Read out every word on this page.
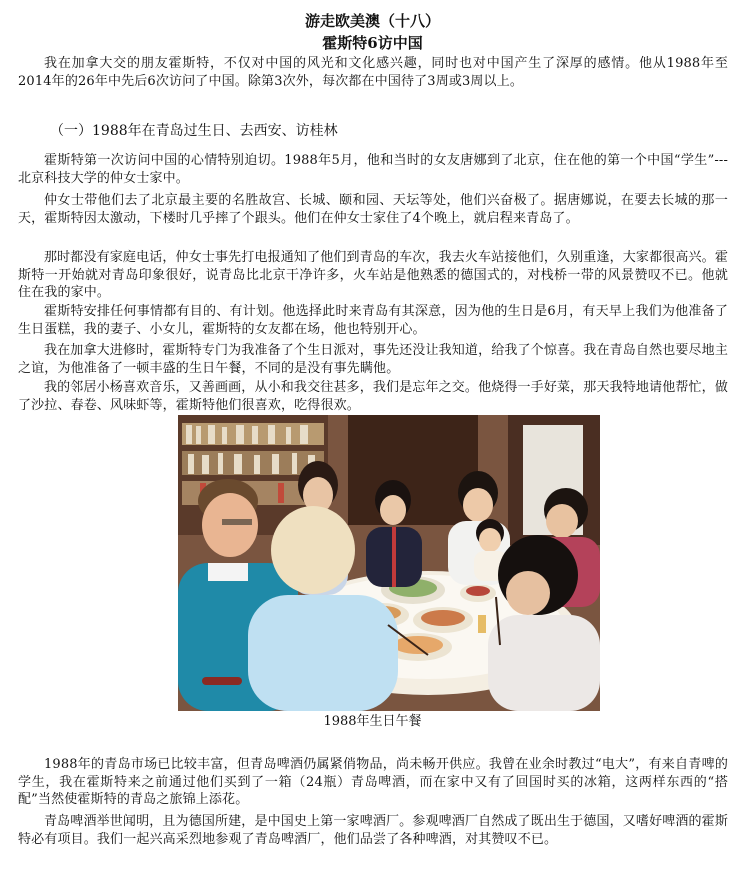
游走欧美澳（十八）
霍斯特6访中国

我在加拿大交的朋友霍斯特，不仅对中国的风光和文化感兴趣，同时也对中国产生了深厚的感情。他从1988年至2014年的26年中先后6次访问了中国。除第3次外，每次都在中国待了3周或3周以上。

（一）1988年在青岛过生日、去西安、访桂林

霍斯特第一次访问中国的心情特别迫切。1988年5月，他和当时的女友唐娜到了北京，住在他的第一个中国“学生”---北京科技大学的仲女士家中。

仲女士带他们去了北京最主要的名胜故宫、长城、颐和园、天坛等处，他们兴奋极了。据唐娜说，在要去长城的那一天，霍斯特因太激动，下楼时几乎摔了个跟头。他们在仲女士家住了4个晚上，就启程来青岛了。

那时都没有家庭电话，仲女士事先打电报通知了他们到青岛的车次，我去火车站接他们，久别重逢，大家都很高兴。霍斯特一开始就对青岛印象很好，说青岛比北京干净许多，火车站是他熟悉的德国式的，对栈桥一带的风景赞叹不已。他就住在我的家中。

霍斯特安排任何事情都有目的、有计划。他选择此时来青岛有其深意，因为他的生日是6月，有天早上我们为他准备了生日蛋糕，我的妻子、小女儿，霍斯特的女友都在场，他也特别开心。

我在加拿大进修时，霍斯特专门为我准备了个生日派对，事先还没让我知道，给我了个惊喜。我在青岛自然也要尽地主之谊，为他准备了一顿丰盛的生日午餐，不同的是没有事先瞒他。

我的邻居小杨喜欢音乐，又善画画，从小和我交往甚多，我们是忘年之交。他烧得一手好菜，那天我特地请他帮忙，做了沙拉、春卷、风味虾等，霍斯特他们很喜欢，吃得很欢。

1988年生日午餐

1988年的青岛市场已比较丰富，但青岛啤酒仍属紧俏物品，尚未畅开供应。我曾在业余时教过“电大”，有来自青啤的学生，我在霍斯特来之前通过他们买到了一箱（24瓶）青岛啤酒，而在家中又有了回国时买的冰箱，这两样东西的“搭配”当然使霍斯特的青岛之旅锦上添花。

青岛啤酒举世闻明，且为德国所建，是中国史上第一家啤酒厂。参观啤酒厂自然成了既出生于德国，又嗜好啤酒的霍斯特必有项目。我们一起兴高采烈地参观了青岛啤酒厂，他们品尝了各种啤酒，对其赞叹不已。
